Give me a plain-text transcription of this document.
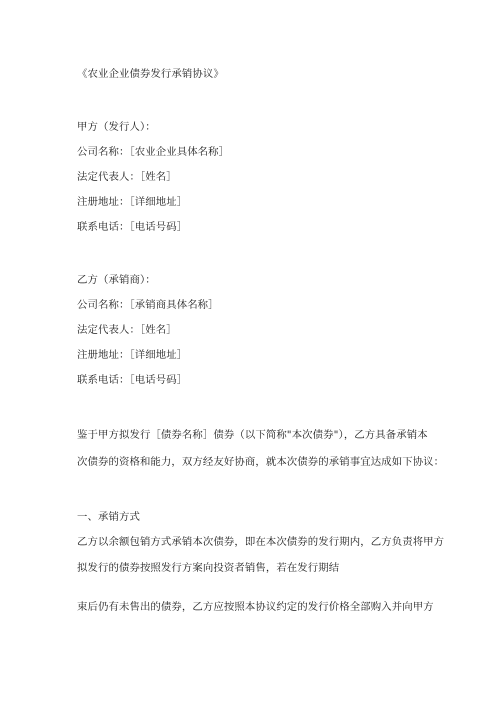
《农业企业债券发行承销协议》
甲方（发行人）：
公司名称：［农业企业具体名称］
法定代表人：［姓名］
注册地址：［详细地址］
联系电话：［电话号码］
乙方（承销商）：
公司名称：［承销商具体名称］
法定代表人：［姓名］
注册地址：［详细地址］
联系电话：［电话号码］
鉴于甲方拟发行［债券名称］债券（以下简称"本次债券"），乙方具备承销本
次债券的资格和能力，双方经友好协商，就本次债券的承销事宜达成如下协议：
一、承销方式
乙方以余额包销方式承销本次债券，即在本次债券的发行期内，乙方负责将甲方
拟发行的债券按照发行方案向投资者销售，若在发行期结
束后仍有未售出的债券，乙方应按照本协议约定的发行价格全部购入并向甲方
